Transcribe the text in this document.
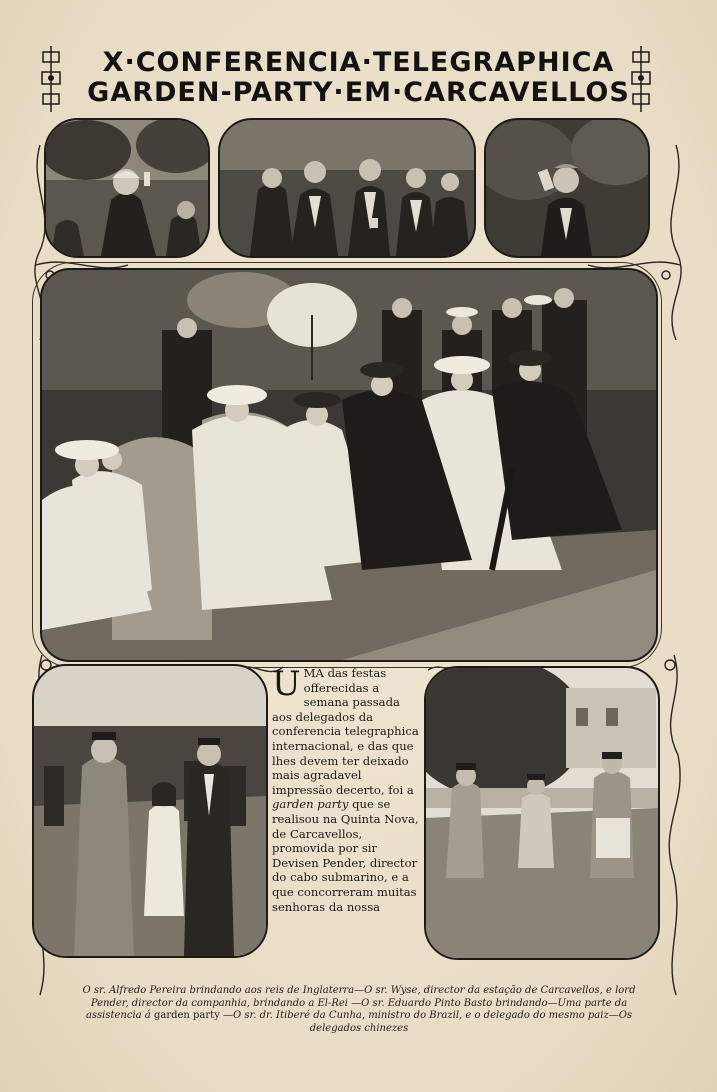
X·CONFERENCIA·TELEGRAPHICA
GARDEN-PARTY·EM·CARCAVELLOS
UMA das festas offerecidas a semana passada aos delegados da conferencia telegraphica internacional, e das que lhes devem ter deixado mais agradavel impressão decerto, foi a garden party que se realisou na Quinta Nova, de Carcavellos, promovida por sir Devisen Pender, director do cabo submarino, e a que concorreram muitas senhoras da nossa
O sr. Alfredo Pereira brindando aos reis de Inglaterra—O sr. Wyse, director da estação de Carcavellos, e lord Pender, director da companhia, brindando a El-Rei —O sr. Eduardo Pinto Basto brindando—Uma parte da assistencia á garden party —O sr. dr. Itiberé da Cunha, ministro do Brazil, e o delegado do mesmo paiz—Os delegados chinezes
